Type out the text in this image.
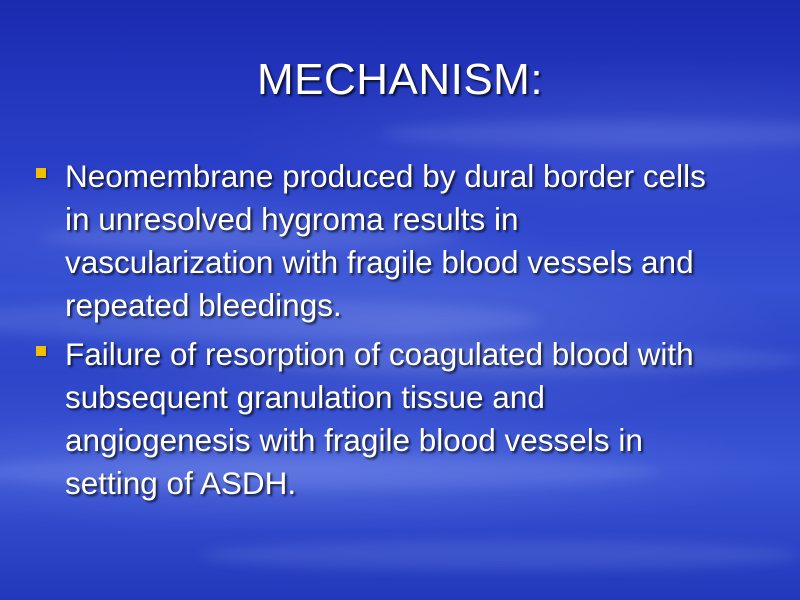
MECHANISM:
Neomembrane produced by dural border cells in unresolved hygroma results in vascularization with fragile blood vessels and repeated bleedings.
Failure of resorption of coagulated blood with subsequent granulation tissue and angiogenesis with fragile blood vessels in setting of ASDH.
